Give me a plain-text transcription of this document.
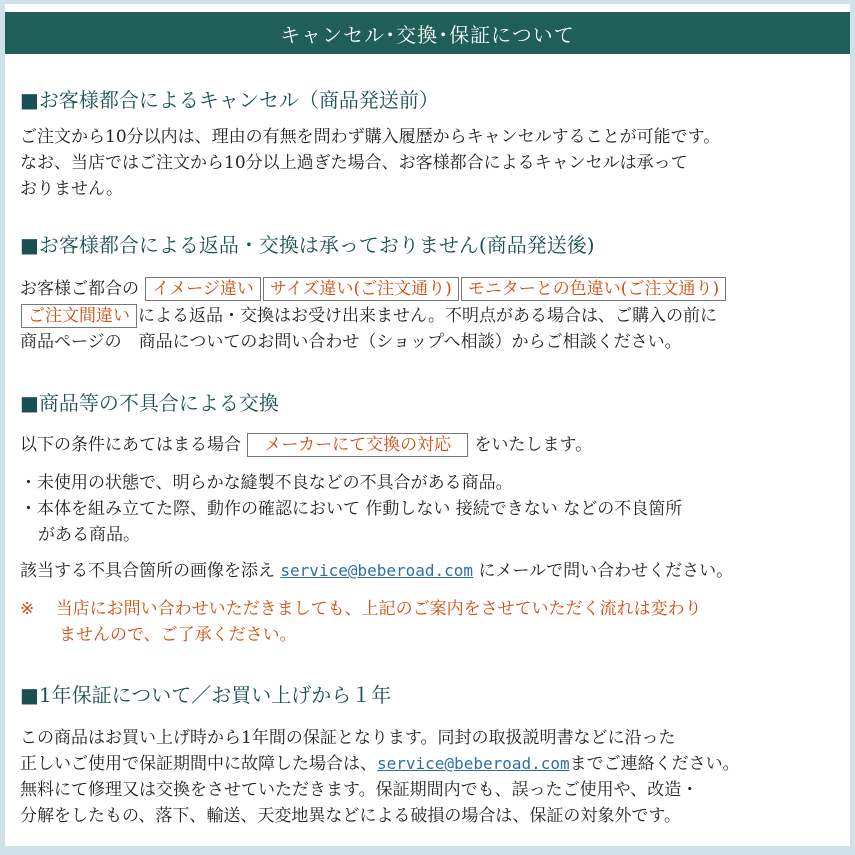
キャンセル･交換･保証について
■お客様都合によるキャンセル（商品発送前）
ご注文から10分以内は、理由の有無を問わず購入履歴からキャンセルすることが可能です。
なお、当店ではご注文から10分以上過ぎた場合、お客様都合によるキャンセルは承って
おりません。
■お客様都合による返品・交換は承っておりません(商品発送後)
お客様ご都合の イメージ違い サイズ違い(ご注文通り) モニターとの色違い(ご注文通り)
ご注文間違い による返品・交換はお受け出来ません。不明点がある場合は、ご購入の前に
商品ページの　商品についてのお問い合わせ（ショップへ相談）からご相談ください。
■商品等の不具合による交換
以下の条件にあてはまる場合 メーカーにて交換の対応 をいたします。
・未使用の状態で、明らかな縫製不良などの不具合がある商品。
・本体を組み立てた際、動作の確認において 作動しない 接続できない などの不良箇所
がある商品。
該当する不具合箇所の画像を添え service@beberoad.com にメールで問い合わせください。
※ 当店にお問い合わせいただきましても、上記のご案内をさせていただく流れは変わり
ませんので、ご了承ください。
■1年保証について／お買い上げから１年
この商品はお買い上げ時から1年間の保証となります。同封の取扱説明書などに沿った
正しいご使用で保証期間中に故障した場合は、service@beberoad.comまでご連絡ください。
無料にて修理又は交換をさせていただきます。保証期間内でも、誤ったご使用や、改造・
分解をしたもの、落下、輸送、天変地異などによる破損の場合は、保証の対象外です。
